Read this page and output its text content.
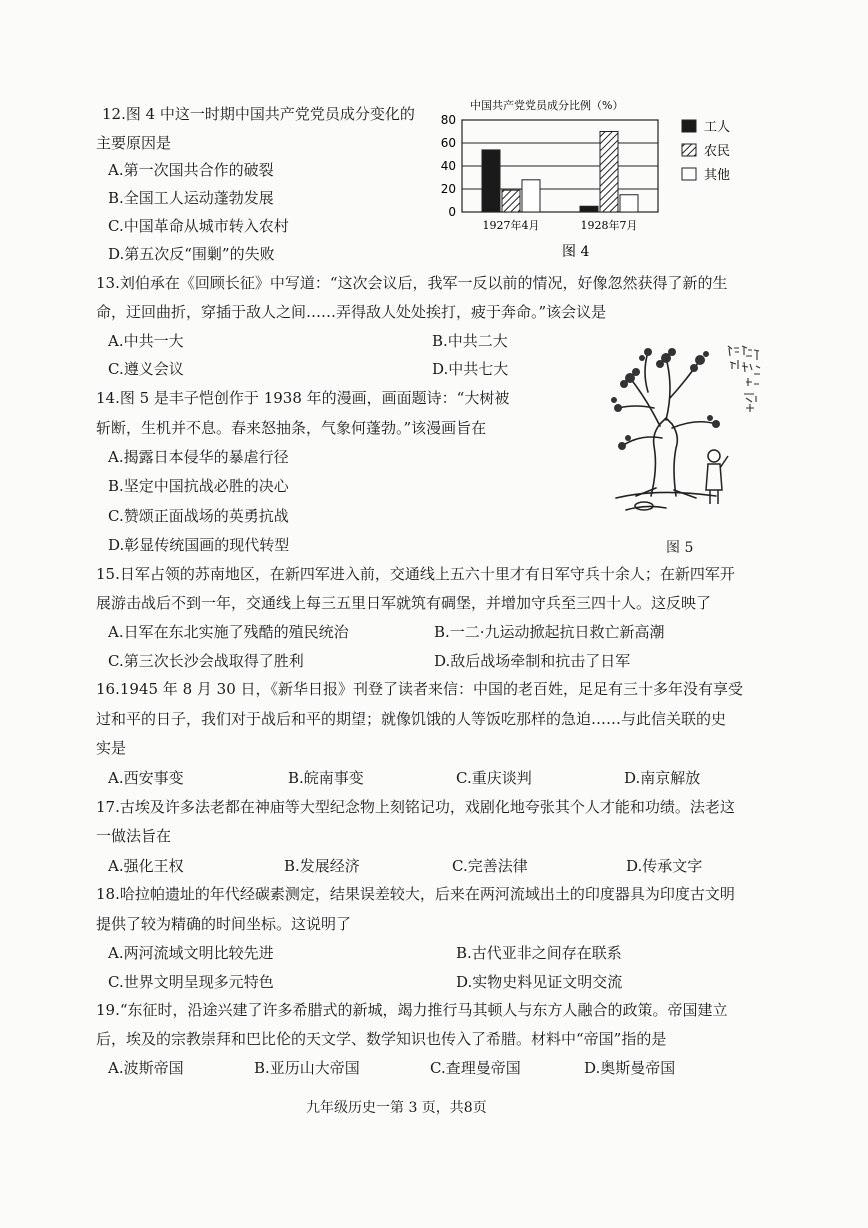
12.图 4 中这一时期中国共产党党员成分变化的
主要原因是
A.第一次国共合作的破裂
B.全国工人运动蓬勃发展
C.中国革命从城市转入农村
D.第五次反“围剿”的失败
中国共产党党员成分比例（%）
0
20
40
60
80
1927年4月	1928年7月
工人
农民
其他
图 4
13.刘伯承在《回顾长征》中写道：“这次会议后，我军一反以前的情况，好像忽然获得了新的生
命，迂回曲折，穿插于敌人之间……弄得敌人处处挨打，疲于奔命。”该会议是
A.中共一大	B.中共二大
C.遵义会议	D.中共七大
14.图 5 是丰子恺创作于 1938 年的漫画，画面题诗：“大树被
斩断，生机并不息。春来怒抽条，气象何蓬勃。”该漫画旨在
A.揭露日本侵华的暴虐行径
B.坚定中国抗战必胜的决心
C.赞颂正面战场的英勇抗战
D.彰显传统国画的现代转型	图 5
15.日军占领的苏南地区，在新四军进入前，交通线上五六十里才有日军守兵十余人；在新四军开
展游击战后不到一年，交通线上每三五里日军就筑有碉堡，并增加守兵至三四十人。这反映了
A.日军在东北实施了残酷的殖民统治	B.一二·九运动掀起抗日救亡新高潮
C.第三次长沙会战取得了胜利	D.敌后战场牵制和抗击了日军
16.1945 年 8 月 30 日，《新华日报》刊登了读者来信：中国的老百姓，足足有三十多年没有享受
过和平的日子，我们对于战后和平的期望；就像饥饿的人等饭吃那样的急迫……与此信关联的史
实是
A.西安事变	B.皖南事变	C.重庆谈判	D.南京解放
17.古埃及许多法老都在神庙等大型纪念物上刻铭记功，戏剧化地夸张其个人才能和功绩。法老这
一做法旨在
A.强化王权	B.发展经济	C.完善法律	D.传承文字
18.哈拉帕遗址的年代经碳素测定，结果误差较大，后来在两河流域出土的印度器具为印度古文明
提供了较为精确的时间坐标。这说明了
A.两河流域文明比较先进	B.古代亚非之间存在联系
C.世界文明呈现多元特色	D.实物史料见证文明交流
19.“东征时，沿途兴建了许多希腊式的新城，竭力推行马其顿人与东方人融合的政策。帝国建立
后，埃及的宗教崇拜和巴比伦的天文学、数学知识也传入了希腊。材料中“帝国”指的是
A.波斯帝国	B.亚历山大帝国	C.查理曼帝国	D.奥斯曼帝国
九年级历史一第 3 页，共8页
